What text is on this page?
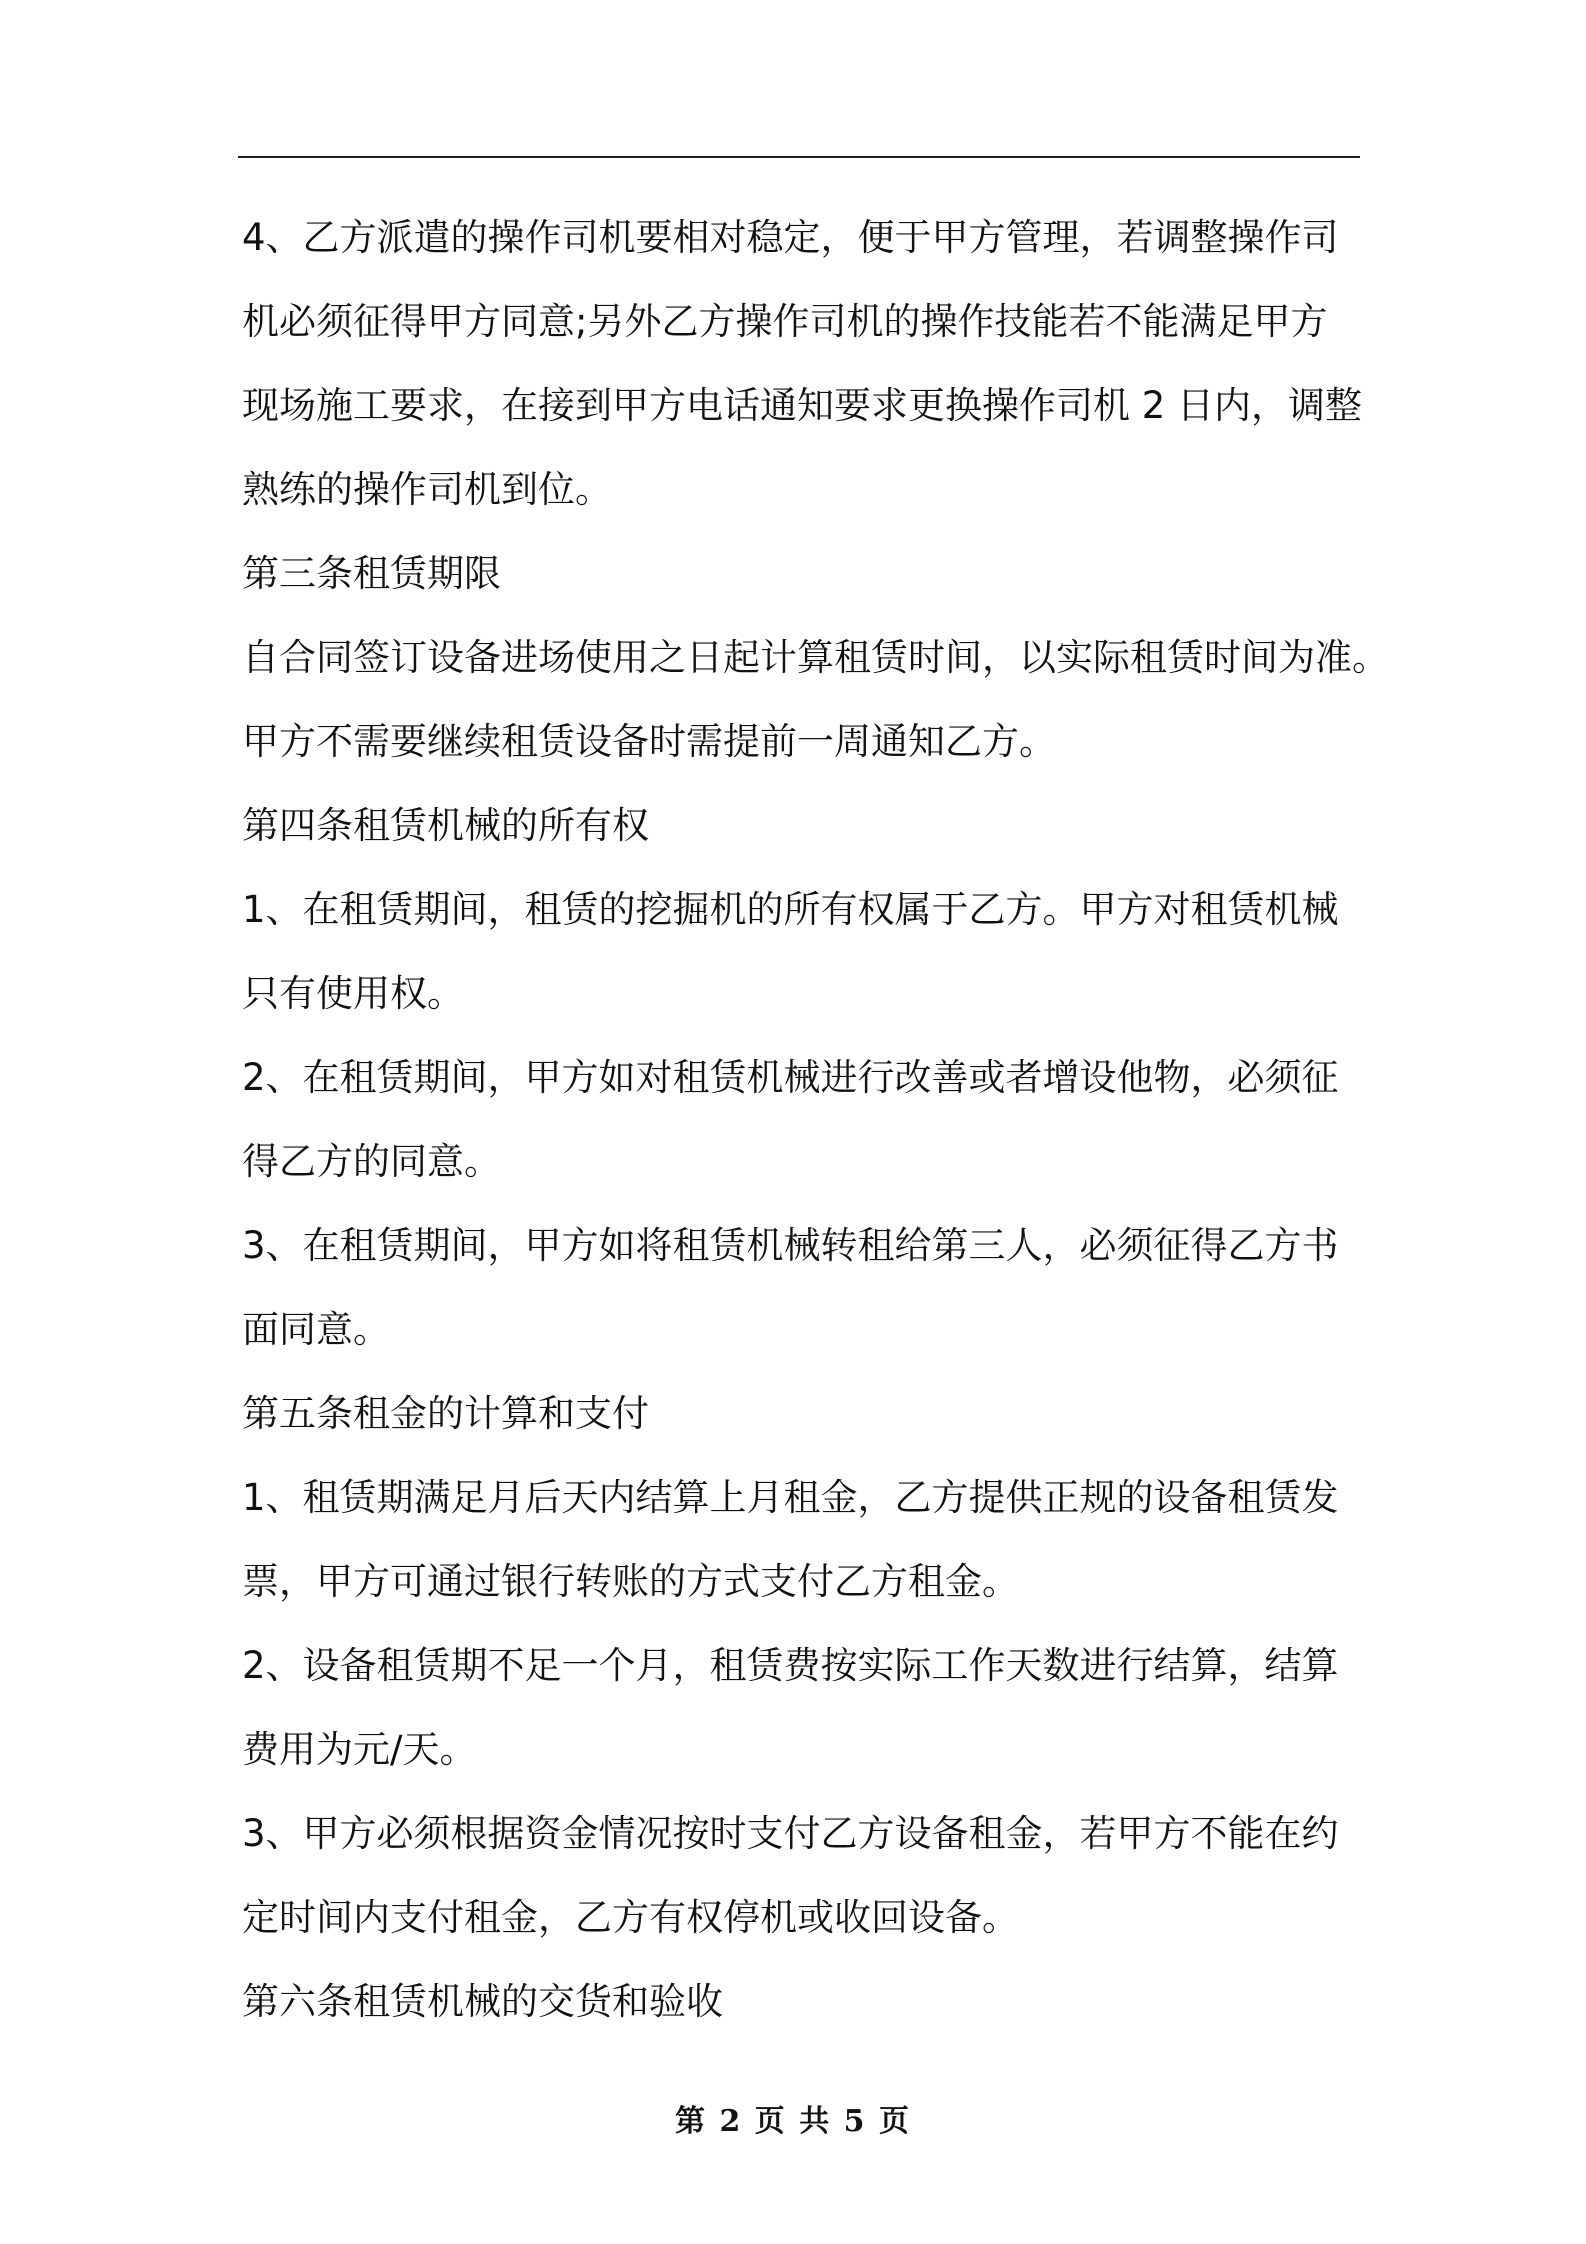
4、乙方派遣的操作司机要相对稳定，便于甲方管理，若调整操作司
机必须征得甲方同意;另外乙方操作司机的操作技能若不能满足甲方
现场施工要求，在接到甲方电话通知要求更换操作司机 2 日内，调整
熟练的操作司机到位。
第三条租赁期限
自合同签订设备进场使用之日起计算租赁时间，以实际租赁时间为准。
甲方不需要继续租赁设备时需提前一周通知乙方。
第四条租赁机械的所有权
1、在租赁期间，租赁的挖掘机的所有权属于乙方。甲方对租赁机械
只有使用权。
2、在租赁期间，甲方如对租赁机械进行改善或者增设他物，必须征
得乙方的同意。
3、在租赁期间，甲方如将租赁机械转租给第三人，必须征得乙方书
面同意。
第五条租金的计算和支付
1、租赁期满足月后天内结算上月租金，乙方提供正规的设备租赁发
票，甲方可通过银行转账的方式支付乙方租金。
2、设备租赁期不足一个月，租赁费按实际工作天数进行结算，结算
费用为元/天。
3、甲方必须根据资金情况按时支付乙方设备租金，若甲方不能在约
定时间内支付租金，乙方有权停机或收回设备。
第六条租赁机械的交货和验收
第 2 页 共 5 页
